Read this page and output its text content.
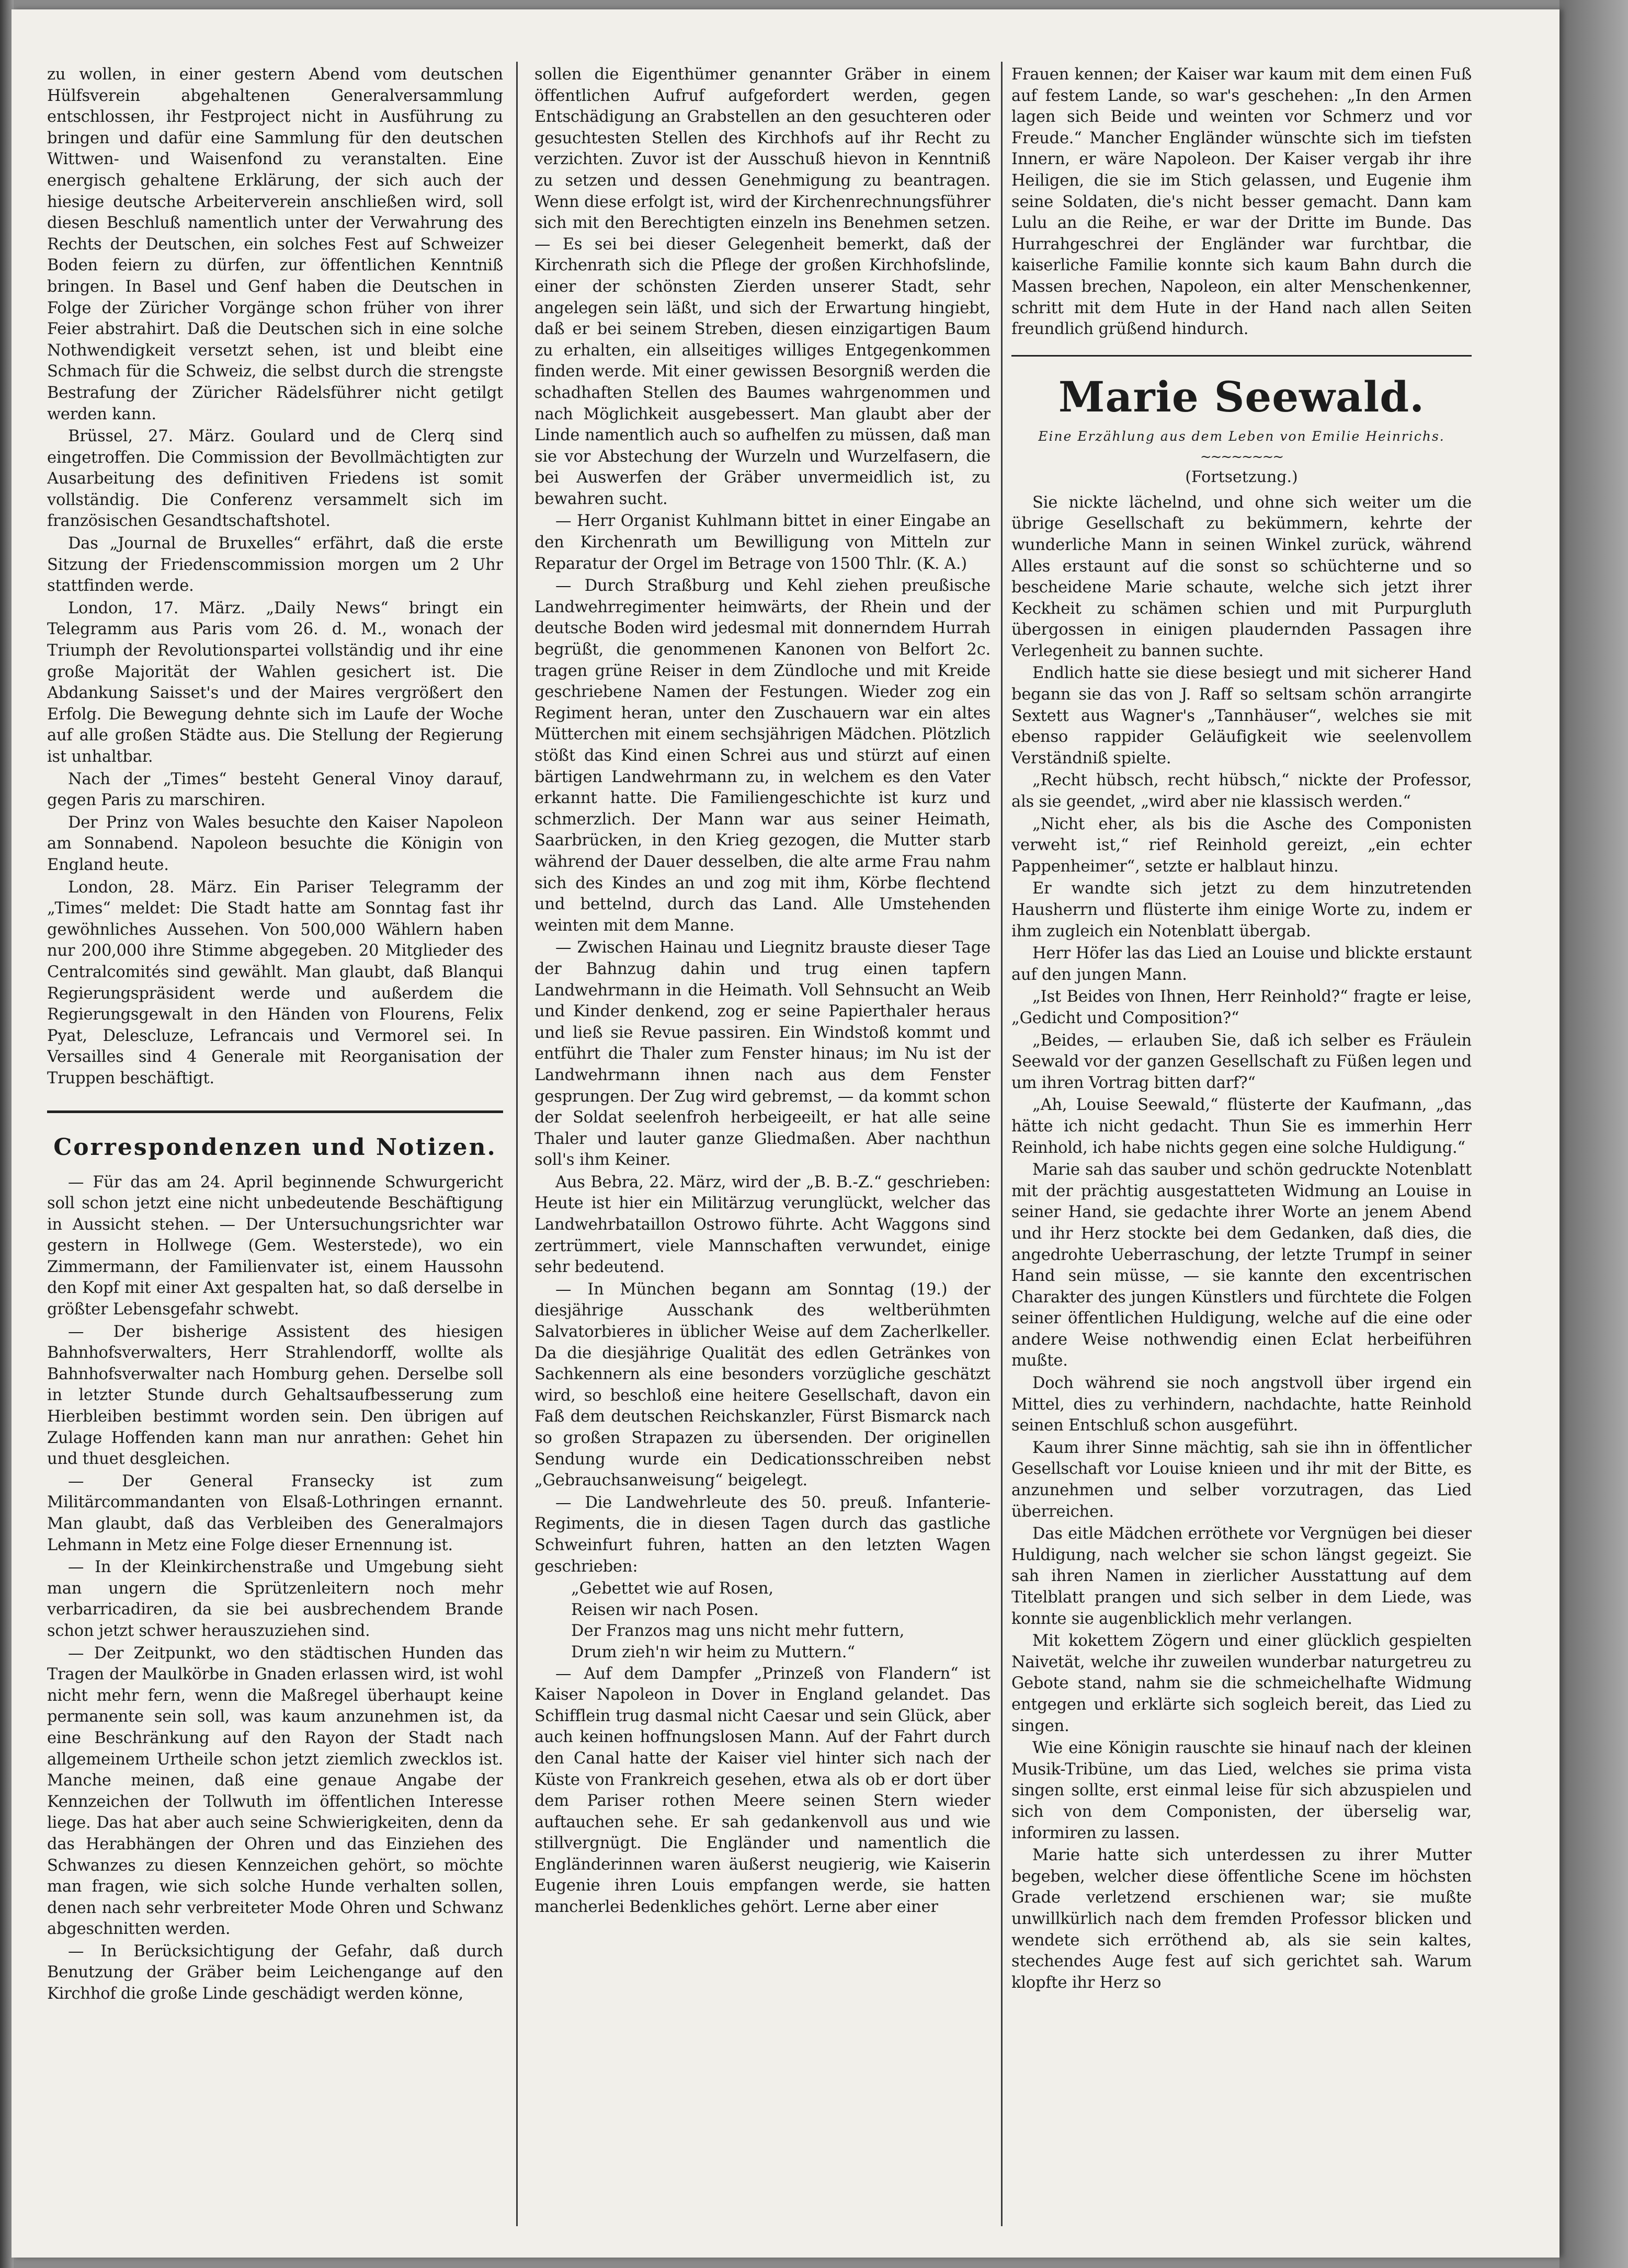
zu wollen, in einer gestern Abend vom deutschen Hülfsverein abgehaltenen Generalversammlung entschlossen, ihr Festproject nicht in Ausführung zu bringen und dafür eine Sammlung für den deutschen Wittwen- und Waisenfond zu veranstalten. Eine energisch gehaltene Erklärung, der sich auch der hiesige deutsche Arbeiterverein anschließen wird, soll diesen Beschluß namentlich unter der Verwahrung des Rechts der Deutschen, ein solches Fest auf Schweizer Boden feiern zu dürfen, zur öffentlichen Kenntniß bringen. In Basel und Genf haben die Deutschen in Folge der Züricher Vorgänge schon früher von ihrer Feier abstrahirt. Daß die Deutschen sich in eine solche Nothwendigkeit versetzt sehen, ist und bleibt eine Schmach für die Schweiz, die selbst durch die strengste Bestrafung der Züricher Rädelsführer nicht getilgt werden kann.

Brüssel, 27. März. Goulard und de Clerq sind eingetroffen. Die Commission der Bevollmächtigten zur Ausarbeitung des definitiven Friedens ist somit vollständig. Die Conferenz versammelt sich im französischen Gesandtschaftshotel.

Das „Journal de Bruxelles“ erfährt, daß die erste Sitzung der Friedenscommission morgen um 2 Uhr stattfinden werde.

London, 17. März. „Daily News“ bringt ein Telegramm aus Paris vom 26. d. M., wonach der Triumph der Revolutionspartei vollständig und ihr eine große Majorität der Wahlen gesichert ist. Die Abdankung Saisset's und der Maires vergrößert den Erfolg. Die Bewegung dehnte sich im Laufe der Woche auf alle großen Städte aus. Die Stellung der Regierung ist unhaltbar.

Nach der „Times“ besteht General Vinoy darauf, gegen Paris zu marschiren.

Der Prinz von Wales besuchte den Kaiser Napoleon am Sonnabend. Napoleon besuchte die Königin von England heute.

London, 28. März. Ein Pariser Telegramm der „Times“ meldet: Die Stadt hatte am Sonntag fast ihr gewöhnliches Aussehen. Von 500,000 Wählern haben nur 200,000 ihre Stimme abgegeben. 20 Mitglieder des Centralcomités sind gewählt. Man glaubt, daß Blanqui Regierungspräsident werde und außerdem die Regierungsgewalt in den Händen von Flourens, Felix Pyat, Delescluze, Lefrancais und Vermorel sei. In Versailles sind 4 Generale mit Reorganisation der Truppen beschäftigt.

Correspondenzen und Notizen.

— Für das am 24. April beginnende Schwurgericht soll schon jetzt eine nicht unbedeutende Beschäftigung in Aussicht stehen. — Der Untersuchungsrichter war gestern in Hollwege (Gem. Westerstede), wo ein Zimmermann, der Familienvater ist, einem Haussohn den Kopf mit einer Axt gespalten hat, so daß derselbe in größter Lebensgefahr schwebt.

— Der bisherige Assistent des hiesigen Bahnhofsverwalters, Herr Strahlendorff, wollte als Bahnhofsverwalter nach Homburg gehen. Derselbe soll in letzter Stunde durch Gehaltsaufbesserung zum Hierbleiben bestimmt worden sein. Den übrigen auf Zulage Hoffenden kann man nur anrathen: Gehet hin und thuet desgleichen.

— Der General Fransecky ist zum Militärcommandanten von Elsaß-Lothringen ernannt. Man glaubt, daß das Verbleiben des Generalmajors Lehmann in Metz eine Folge dieser Ernennung ist.

— In der Kleinkirchenstraße und Umgebung sieht man ungern die Sprützenleitern noch mehr verbarricadiren, da sie bei ausbrechendem Brande schon jetzt schwer herauszuziehen sind.

— Der Zeitpunkt, wo den städtischen Hunden das Tragen der Maulkörbe in Gnaden erlassen wird, ist wohl nicht mehr fern, wenn die Maßregel überhaupt keine permanente sein soll, was kaum anzunehmen ist, da eine Beschränkung auf den Rayon der Stadt nach allgemeinem Urtheile schon jetzt ziemlich zwecklos ist. Manche meinen, daß eine genaue Angabe der Kennzeichen der Tollwuth im öffentlichen Interesse liege. Das hat aber auch seine Schwierigkeiten, denn da das Herabhängen der Ohren und das Einziehen des Schwanzes zu diesen Kennzeichen gehört, so möchte man fragen, wie sich solche Hunde verhalten sollen, denen nach sehr verbreiteter Mode Ohren und Schwanz abgeschnitten werden.

— In Berücksichtigung der Gefahr, daß durch Benutzung der Gräber beim Leichengange auf den Kirchhof die große Linde geschädigt werden könne,

sollen die Eigenthümer genannter Gräber in einem öffentlichen Aufruf aufgefordert werden, gegen Entschädigung an Grabstellen an den gesuchteren oder gesuchtesten Stellen des Kirchhofs auf ihr Recht zu verzichten. Zuvor ist der Ausschuß hievon in Kenntniß zu setzen und dessen Genehmigung zu beantragen. Wenn diese erfolgt ist, wird der Kirchenrechnungsführer sich mit den Berechtigten einzeln ins Benehmen setzen. — Es sei bei dieser Gelegenheit bemerkt, daß der Kirchenrath sich die Pflege der großen Kirchhofslinde, einer der schönsten Zierden unserer Stadt, sehr angelegen sein läßt, und sich der Erwartung hingiebt, daß er bei seinem Streben, diesen einzigartigen Baum zu erhalten, ein allseitiges williges Entgegenkommen finden werde. Mit einer gewissen Besorgniß werden die schadhaften Stellen des Baumes wahrgenommen und nach Möglichkeit ausgebessert. Man glaubt aber der Linde namentlich auch so aufhelfen zu müssen, daß man sie vor Abstechung der Wurzeln und Wurzelfasern, die bei Auswerfen der Gräber unvermeidlich ist, zu bewahren sucht.

— Herr Organist Kuhlmann bittet in einer Eingabe an den Kirchenrath um Bewilligung von Mitteln zur Reparatur der Orgel im Betrage von 1500 Thlr. (K. A.)

— Durch Straßburg und Kehl ziehen preußische Landwehrregimenter heimwärts, der Rhein und der deutsche Boden wird jedesmal mit donnerndem Hurrah begrüßt, die genommenen Kanonen von Belfort 2c. tragen grüne Reiser in dem Zündloche und mit Kreide geschriebene Namen der Festungen. Wieder zog ein Regiment heran, unter den Zuschauern war ein altes Mütterchen mit einem sechsjährigen Mädchen. Plötzlich stößt das Kind einen Schrei aus und stürzt auf einen bärtigen Landwehrmann zu, in welchem es den Vater erkannt hatte. Die Familiengeschichte ist kurz und schmerzlich. Der Mann war aus seiner Heimath, Saarbrücken, in den Krieg gezogen, die Mutter starb während der Dauer desselben, die alte arme Frau nahm sich des Kindes an und zog mit ihm, Körbe flechtend und bettelnd, durch das Land. Alle Umstehenden weinten mit dem Manne.

— Zwischen Hainau und Liegnitz brauste dieser Tage der Bahnzug dahin und trug einen tapfern Landwehrmann in die Heimath. Voll Sehnsucht an Weib und Kinder denkend, zog er seine Papierthaler heraus und ließ sie Revue passiren. Ein Windstoß kommt und entführt die Thaler zum Fenster hinaus; im Nu ist der Landwehrmann ihnen nach aus dem Fenster gesprungen. Der Zug wird gebremst, — da kommt schon der Soldat seelenfroh herbeigeeilt, er hat alle seine Thaler und lauter ganze Gliedmaßen. Aber nachthun soll's ihm Keiner.

Aus Bebra, 22. März, wird der „B. B.-Z.“ geschrieben: Heute ist hier ein Militärzug verunglückt, welcher das Landwehrbataillon Ostrowo führte. Acht Waggons sind zertrümmert, viele Mannschaften verwundet, einige sehr bedeutend.

— In München begann am Sonntag (19.) der diesjährige Ausschank des weltberühmten Salvatorbieres in üblicher Weise auf dem Zacherlkeller. Da die diesjährige Qualität des edlen Getränkes von Sachkennern als eine besonders vorzügliche geschätzt wird, so beschloß eine heitere Gesellschaft, davon ein Faß dem deutschen Reichskanzler, Fürst Bismarck nach so großen Strapazen zu übersenden. Der originellen Sendung wurde ein Dedicationsschreiben nebst „Gebrauchsanweisung“ beigelegt.

— Die Landwehrleute des 50. preuß. Infanterie-Regiments, die in diesen Tagen durch das gastliche Schweinfurt fuhren, hatten an den letzten Wagen geschrieben:

„Gebettet wie auf Rosen,
Reisen wir nach Posen.
Der Franzos mag uns nicht mehr futtern,
Drum zieh'n wir heim zu Muttern.“

— Auf dem Dampfer „Prinzeß von Flandern“ ist Kaiser Napoleon in Dover in England gelandet. Das Schifflein trug dasmal nicht Caesar und sein Glück, aber auch keinen hoffnungslosen Mann. Auf der Fahrt durch den Canal hatte der Kaiser viel hinter sich nach der Küste von Frankreich gesehen, etwa als ob er dort über dem Pariser rothen Meere seinen Stern wieder auftauchen sehe. Er sah gedankenvoll aus und wie stillvergnügt. Die Engländer und namentlich die Engländerinnen waren äußerst neugierig, wie Kaiserin Eugenie ihren Louis empfangen werde, sie hatten mancherlei Bedenkliches gehört. Lerne aber einer

Frauen kennen; der Kaiser war kaum mit dem einen Fuß auf festem Lande, so war's geschehen: „In den Armen lagen sich Beide und weinten vor Schmerz und vor Freude.“ Mancher Engländer wünschte sich im tiefsten Innern, er wäre Napoleon. Der Kaiser vergab ihr ihre Heiligen, die sie im Stich gelassen, und Eugenie ihm seine Soldaten, die's nicht besser gemacht. Dann kam Lulu an die Reihe, er war der Dritte im Bunde. Das Hurrahgeschrei der Engländer war furchtbar, die kaiserliche Familie konnte sich kaum Bahn durch die Massen brechen, Napoleon, ein alter Menschenkenner, schritt mit dem Hute in der Hand nach allen Seiten freundlich grüßend hindurch.

Marie Seewald.
Eine Erzählung aus dem Leben von Emilie Heinrichs.
~~~~~~~~
(Fortsetzung.)

Sie nickte lächelnd, und ohne sich weiter um die übrige Gesellschaft zu bekümmern, kehrte der wunderliche Mann in seinen Winkel zurück, während Alles erstaunt auf die sonst so schüchterne und so bescheidene Marie schaute, welche sich jetzt ihrer Keckheit zu schämen schien und mit Purpurgluth übergossen in einigen plaudernden Passagen ihre Verlegenheit zu bannen suchte.

Endlich hatte sie diese besiegt und mit sicherer Hand begann sie das von J. Raff so seltsam schön arrangirte Sextett aus Wagner's „Tannhäuser“, welches sie mit ebenso rappider Geläufigkeit wie seelenvollem Verständniß spielte.

„Recht hübsch, recht hübsch,“ nickte der Professor, als sie geendet, „wird aber nie klassisch werden.“

„Nicht eher, als bis die Asche des Componisten verweht ist,“ rief Reinhold gereizt, „ein echter Pappenheimer“, setzte er halblaut hinzu.

Er wandte sich jetzt zu dem hinzutretenden Hausherrn und flüsterte ihm einige Worte zu, indem er ihm zugleich ein Notenblatt übergab.

Herr Höfer las das Lied an Louise und blickte erstaunt auf den jungen Mann.

„Ist Beides von Ihnen, Herr Reinhold?“ fragte er leise, „Gedicht und Composition?“

„Beides, — erlauben Sie, daß ich selber es Fräulein Seewald vor der ganzen Gesellschaft zu Füßen legen und um ihren Vortrag bitten darf?“

„Ah, Louise Seewald,“ flüsterte der Kaufmann, „das hätte ich nicht gedacht. Thun Sie es immerhin Herr Reinhold, ich habe nichts gegen eine solche Huldigung.“

Marie sah das sauber und schön gedruckte Notenblatt mit der prächtig ausgestatteten Widmung an Louise in seiner Hand, sie gedachte ihrer Worte an jenem Abend und ihr Herz stockte bei dem Gedanken, daß dies, die angedrohte Ueberraschung, der letzte Trumpf in seiner Hand sein müsse, — sie kannte den excentrischen Charakter des jungen Künstlers und fürchtete die Folgen seiner öffentlichen Huldigung, welche auf die eine oder andere Weise nothwendig einen Eclat herbeiführen mußte.

Doch während sie noch angstvoll über irgend ein Mittel, dies zu verhindern, nachdachte, hatte Reinhold seinen Entschluß schon ausgeführt.

Kaum ihrer Sinne mächtig, sah sie ihn in öffentlicher Gesellschaft vor Louise knieen und ihr mit der Bitte, es anzunehmen und selber vorzutragen, das Lied überreichen.

Das eitle Mädchen erröthete vor Vergnügen bei dieser Huldigung, nach welcher sie schon längst gegeizt. Sie sah ihren Namen in zierlicher Ausstattung auf dem Titelblatt prangen und sich selber in dem Liede, was konnte sie augenblicklich mehr verlangen.

Mit kokettem Zögern und einer glücklich gespielten Naivetät, welche ihr zuweilen wunderbar naturgetreu zu Gebote stand, nahm sie die schmeichelhafte Widmung entgegen und erklärte sich sogleich bereit, das Lied zu singen.

Wie eine Königin rauschte sie hinauf nach der kleinen Musik-Tribüne, um das Lied, welches sie prima vista singen sollte, erst einmal leise für sich abzuspielen und sich von dem Componisten, der überselig war, informiren zu lassen.

Marie hatte sich unterdessen zu ihrer Mutter begeben, welcher diese öffentliche Scene im höchsten Grade verletzend erschienen war; sie mußte unwillkürlich nach dem fremden Professor blicken und wendete sich erröthend ab, als sie sein kaltes, stechendes Auge fest auf sich gerichtet sah. Warum klopfte ihr Herz so
